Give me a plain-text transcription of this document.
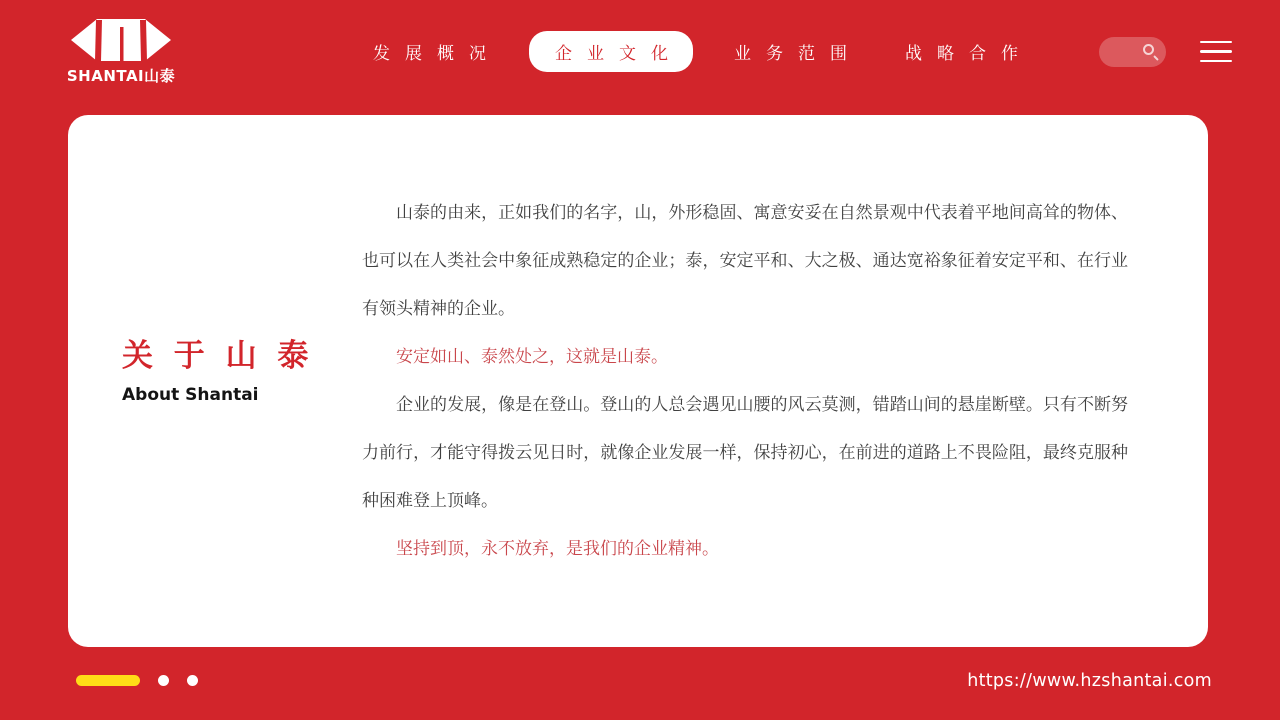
SHANTAI山泰
发展概况	企业文化	业务范围	战略合作
关 于 山 泰
About Shantai

山泰的由来，正如我们的名字，山，外形稳固、寓意安妥在自然景观中代表着平地间高耸的物体、也可以在人类社会中象征成熟稳定的企业；泰，安定平和、大之极、通达宽裕象征着安定平和、在行业有领头精神的企业。

安定如山、泰然处之，这就是山泰。

企业的发展，像是在登山。登山的人总会遇见山腰的风云莫测，错踏山间的悬崖断壁。只有不断努力前行，才能守得拨云见日时，就像企业发展一样，保持初心，在前进的道路上不畏险阻，最终克服种种困难登上顶峰。

坚持到顶，永不放弃，是我们的企业精神。

https://www.hzshantai.com
